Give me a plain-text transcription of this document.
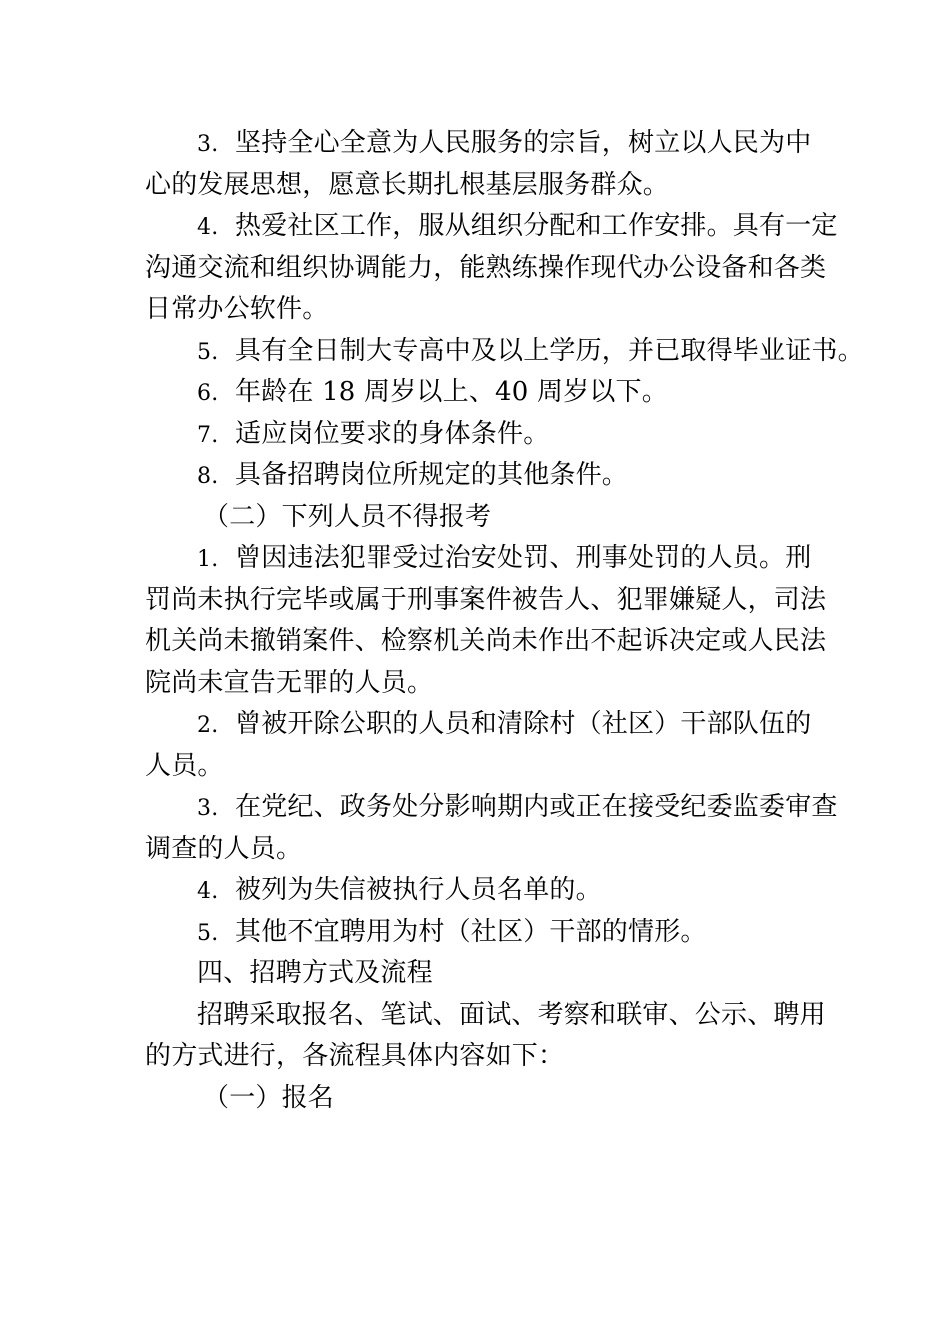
3. 坚持全心全意为人民服务的宗旨，树立以人民为中
心的发展思想，愿意长期扎根基层服务群众。
4. 热爱社区工作，服从组织分配和工作安排。具有一定
沟通交流和组织协调能力，能熟练操作现代办公设备和各类
日常办公软件。
5. 具有全日制大专高中及以上学历，并已取得毕业证书。
6. 年龄在 18 周岁以上、40 周岁以下。
7. 适应岗位要求的身体条件。
8. 具备招聘岗位所规定的其他条件。
（二）下列人员不得报考
1. 曾因违法犯罪受过治安处罚、刑事处罚的人员。刑
罚尚未执行完毕或属于刑事案件被告人、犯罪嫌疑人，司法
机关尚未撤销案件、检察机关尚未作出不起诉决定或人民法
院尚未宣告无罪的人员。
2. 曾被开除公职的人员和清除村（社区）干部队伍的
人员。
3. 在党纪、政务处分影响期内或正在接受纪委监委审查
调查的人员。
4. 被列为失信被执行人员名单的。
5. 其他不宜聘用为村（社区）干部的情形。
四、招聘方式及流程
招聘采取报名、笔试、面试、考察和联审、公示、聘用
的方式进行，各流程具体内容如下：
（一）报名
